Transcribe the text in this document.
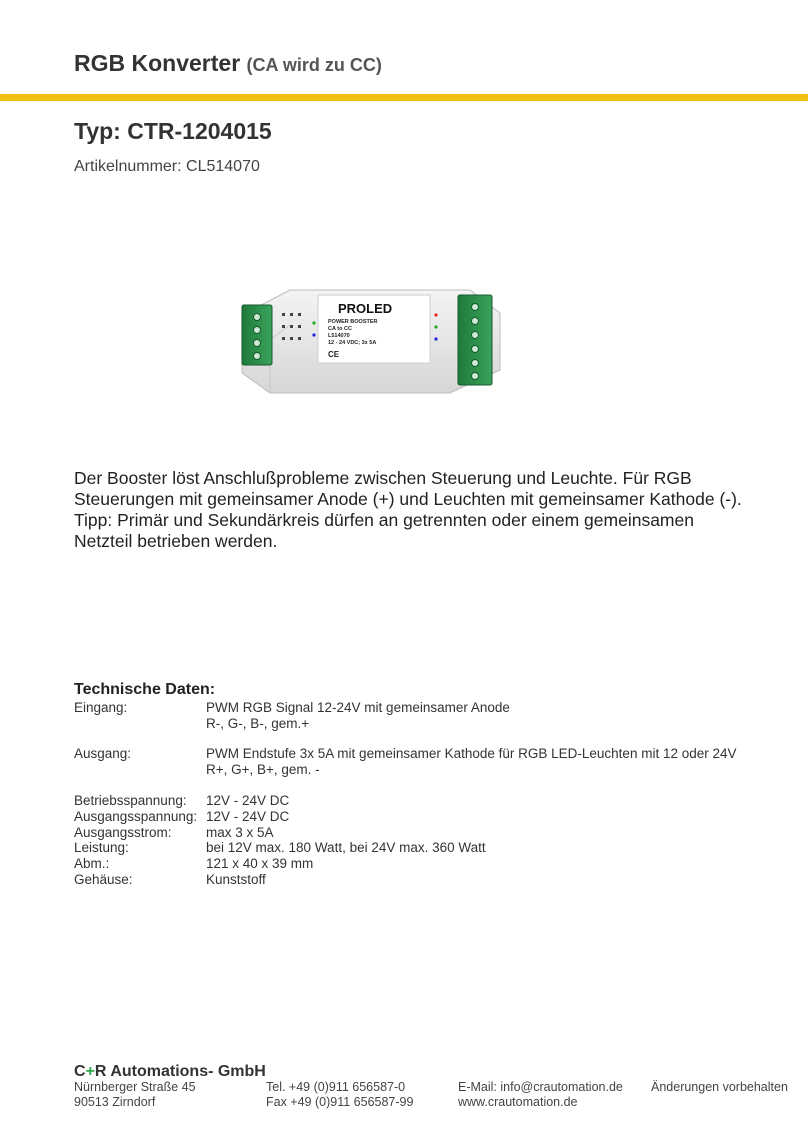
RGB Konverter (CA wird zu CC)
Typ: CTR-1204015
Artikelnummer: CL514070
PROLED
POWER BOOSTER
CA to CC
L514070
12 - 24 VDC; 3x 5A
CE
Der Booster löst Anschlußprobleme zwischen Steuerung und Leuchte. Für RGB
Steuerungen mit gemeinsamer Anode (+) und Leuchten mit gemeinsamer Kathode (-).
Tipp: Primär und Sekundärkreis dürfen an getrennten oder einem gemeinsamen
Netzteil betrieben werden.
Technische Daten:
Eingang:	PWM RGB Signal 12-24V mit gemeinsamer Anode
R-, G-, B-, gem.+
Ausgang:	PWM Endstufe 3x 5A mit gemeinsamer Kathode für RGB LED-Leuchten mit 12 oder 24V
R+, G+, B+, gem. -
Betriebsspannung: 12V - 24V DC
Ausgangsspannung: 12V - 24V DC
Ausgangsstrom:	max 3 x 5A
Leistung:	bei 12V max. 180 Watt, bei 24V max. 360 Watt
Abm.:	121 x 40 x 39 mm
Gehäuse:	Kunststoff
C+R Automations- GmbH
Nürnberger Straße 45
90513 Zirndorf
Tel. +49 (0)911 656587-0
Fax +49 (0)911 656587-99
E-Mail: info@crautomation.de
www.crautomation.de
Änderungen vorbehalten
